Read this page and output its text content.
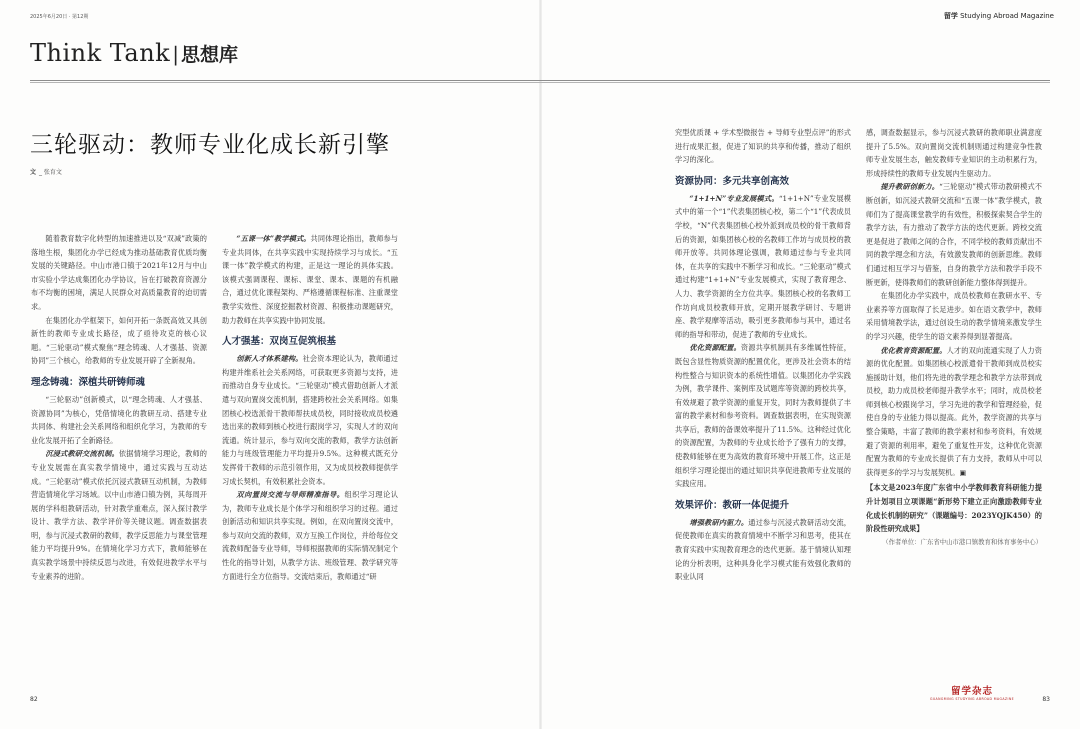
2025年6月20日 · 第12期	留学 Studying Abroad Magazine
Think Tank | 思想库
三轮驱动：教师专业化成长新引擎
文 _ 张育文

随着教育数字化转型的加速推进以及“双减”政策的落地生根，集团化办学已经成为推动基础教育优质均衡发展的关键路径。中山市港口镇于2021年12月与中山市实验小学达成集团化办学协议，旨在打破教育资源分布不均衡的困境，满足人民群众对高质量教育的迫切需求。

在集团化办学框架下，如何开拓一条既高效又具创新性的教师专业成长路径，成了亟待攻克的核心议题。“三轮驱动”模式聚焦“理念铸魂、人才强基、资源协同”三个核心，给教师的专业发展开辟了全新视角。

理念铸魂：深植共研铸师魂

“三轮驱动”创新模式，以“理念铸魂、人才强基、资源协同”为核心，凭借情境化的教研互动、搭建专业共同体、构建社会关系网络和组织化学习，为教师的专业化发展开拓了全新路径。

沉浸式教研交流机制。依据情境学习理论，教师的专业发展需在真实教学情境中，通过实践与互动达成。“三轮驱动”模式依托沉浸式教研互动机制，为教师营造情境化学习场域。以中山市港口镇为例，其每周开展的学科组教研活动，针对教学重难点，深入探讨教学设计、教学方法、教学评价等关键议题。调查数据表明，参与沉浸式教研的教师，教学反思能力与课堂管理能力平均提升9%。在情境化学习方式下，教师能够在真实教学场景中持续反思与改进，有效促进教学水平与专业素养的进阶。

“五课一体”教学模式。共同体理论指出，教师参与专业共同体，在共享实践中实现持续学习与成长。“五课一体”教学模式的构建，正是这一理论的具体实践。该模式强调课程、课标、课堂、课本、课题的有机融合，通过优化课程架构、严格遵循课程标准、注重课堂教学实效性、深度挖掘教材资源、积极推动课题研究，助力教师在共享实践中协同发展。

人才强基：双岗互促筑根基

创新人才体系建构。社会资本理论认为，教师通过构建并维系社会关系网络，可获取更多资源与支持，进而推动自身专业成长。“三轮驱动”模式借助创新人才派遣与双向置岗交流机制，搭建跨校社会关系网络。如集团核心校选派骨干教师帮扶成员校，同时接收成员校遴选出来的教师到核心校进行跟岗学习，实现人才的双向流通。统计显示，参与双向交流的教师，教学方法创新能力与班级管理能力平均提升9.5%。这种模式既充分发挥骨干教师的示范引领作用，又为成员校教师提供学习成长契机，有效积累社会资本。

双向置岗交流与导师精准指导。组织学习理论认为，教师专业成长是个体学习和组织学习的过程。通过创新活动和知识共享实现。例如，在双向置岗交流中，参与双向交流的教师，双方互换工作岗位，并给每位交流教师配备专业导师，导师根据教师的实际情况制定个性化的指导计划，从教学方法、班级管理、教学研究等方面进行全方位指导。交流结束后，教师通过“研

究型优质课 + 学术型微报告 + 导师专业型点评”的形式进行成果汇报，促进了知识的共享和传播，推动了组织学习的深化。

资源协同：多元共享创高效

“1+1+N”专业发展模式。“1+1+N”专业发展模式中的第一个“1”代表集团核心校，第二个“1”代表成员学校，“N”代表集团核心校外派到成员校的骨干教师背后的资源，如集团核心校的名教师工作坊与成员校的教师开放等。共同体理论强调，教师通过参与专业共同体，在共享的实践中不断学习和成长。“三轮驱动”模式通过构建“1+1+N”专业发展模式，实现了教育理念、人力、教学资源的全方位共享。集团核心校的名教师工作坊向成员校教师开放，定期开展教学研讨、专题讲座、教学观摩等活动，吸引更多教师参与其中，通过名师的指导和带动，促进了教师的专业成长。

优化资源配置。资源共享机制具有多维属性特征，既包含显性物质资源的配置优化，更涉及社会资本的结构性整合与知识资本的系统性增值。以集团化办学实践为例，教学课件、案例库及试题库等资源的跨校共享，有效规避了教学资源的重复开发，同时为教师提供了丰富的教学素材和参考资料。调查数据表明，在实现资源共享后，教师的备课效率提升了11.5%。这种经过优化的资源配置，为教师的专业成长给予了强有力的支撑，使教师能够在更为高效的教育环境中开展工作，这正是组织学习理论提出的通过知识共享促进教师专业发展的实践应用。

效果评价：教研一体促提升

增强教研内驱力。通过参与沉浸式教研活动交流，促使教师在真实的教育情境中不断学习和思考，使其在教育实践中实现教育理念的迭代更新。基于情境认知理论的分析表明，这种具身化学习模式能有效强化教师的职业认同

感，调查数据显示，参与沉浸式教研的教师职业满意度提升了5.5%。双向置岗交流机制则通过构建竞争性教师专业发展生态，触发教师专业知识的主动积累行为，形成持续性的教师专业发展内生驱动力。

提升教研创新力。“三轮驱动”模式带动教研模式不断创新，如沉浸式教研交流和“五课一体”教学模式，教师们为了提高课堂教学的有效性，积极探索契合学生的教学方法，有力推动了教学方法的迭代更新。跨校交流更是促进了教师之间的合作，不同学校的教师贡献出不同的教学理念和方法，有效激发教师的创新思维。教师们通过相互学习与借鉴，自身的教学方法和教学手段不断更新，使得教师们的教研创新能力整体得到提升。

在集团化办学实践中，成员校教师在教研水平、专业素养等方面取得了长足进步。如在语文教学中，教师采用情境教学法，通过创设生动的教学情境来激发学生的学习兴趣，使学生的语文素养得到显著提高。

优化教育资源配置。人才的双向流通实现了人力资源的优化配置。如集团核心校派遣骨干教师到成员校实施援助计划，他们将先进的教学理念和教学方法带到成员校，助力成员校老师提升教学水平；同时，成员校老师到核心校跟岗学习，学习先进的教学和管理经验，促使自身的专业能力得以提高。此外，教学资源的共享与整合策略，丰富了教师的教学素材和参考资料，有效规避了资源的利用率，避免了重复性开发，这种优化资源配置为教师的专业成长提供了有力支持，教师从中可以获得更多的学习与发展契机。▣

【本文是2023年度广东省中小学教师教育科研能力提升计划项目立项课题“新形势下建立正向激励教师专业化成长机制的研究”（课题编号：2023YQJK450）的阶段性研究成果】

（作者单位：广东省中山市港口镇教育和体育事务中心）

82	83
留学杂志
GUANGMING STUDYING ABROAD MAGAZINE
